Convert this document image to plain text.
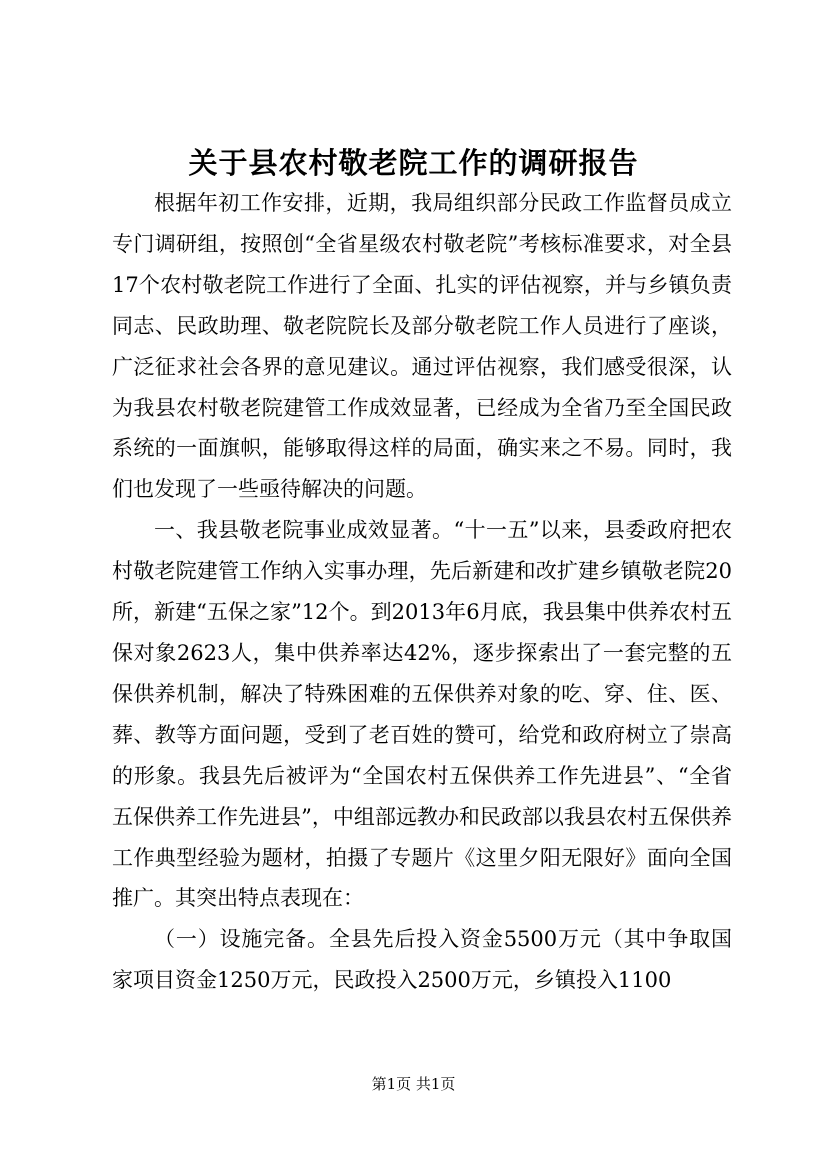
关于县农村敬老院工作的调研报告

根据年初工作安排，近期，我局组织部分民政工作监督员成立专门调研组，按照创“全省星级农村敬老院”考核标准要求，对全县17个农村敬老院工作进行了全面、扎实的评估视察，并与乡镇负责同志、民政助理、敬老院院长及部分敬老院工作人员进行了座谈，广泛征求社会各界的意见建议。通过评估视察，我们感受很深，认为我县农村敬老院建管工作成效显著，已经成为全省乃至全国民政系统的一面旗帜，能够取得这样的局面，确实来之不易。同时，我们也发现了一些亟待解决的问题。

一、我县敬老院事业成效显著。“十一五”以来，县委政府把农村敬老院建管工作纳入实事办理，先后新建和改扩建乡镇敬老院20所，新建“五保之家”12个。到2013年6月底，我县集中供养农村五保对象2623人，集中供养率达42%，逐步探索出了一套完整的五保供养机制，解决了特殊困难的五保供养对象的吃、穿、住、医、葬、教等方面问题，受到了老百姓的赞可，给党和政府树立了崇高的形象。我县先后被评为“全国农村五保供养工作先进县”、“全省五保供养工作先进县”，中组部远教办和民政部以我县农村五保供养工作典型经验为题材，拍摄了专题片《这里夕阳无限好》面向全国推广。其突出特点表现在：

（一）设施完备。全县先后投入资金5500万元（其中争取国家项目资金1250万元，民政投入2500万元，乡镇投入1100

第1页 共1页
